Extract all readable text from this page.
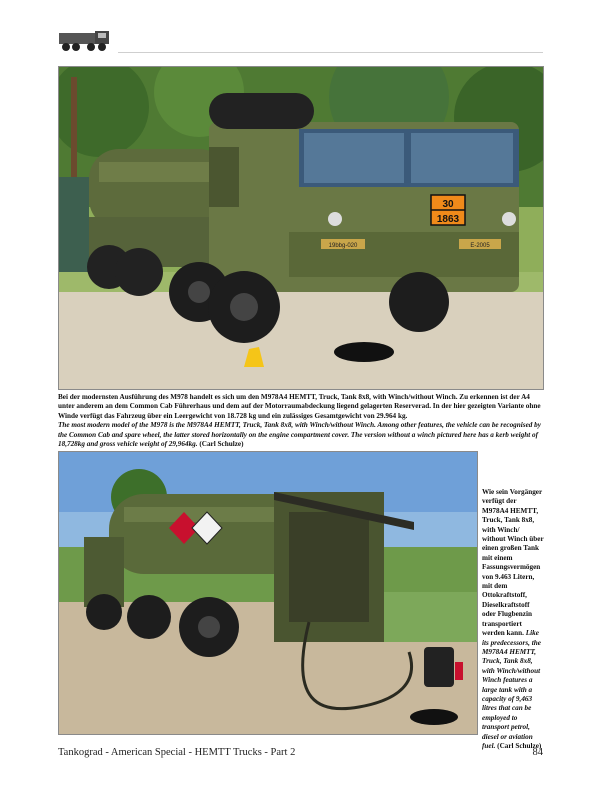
19bbg-020	E-2005
30
1863
Bei der modernsten Ausführung des M978 handelt es sich um den M978A4 HEMTT, Truck, Tank 8x8, with Winch/without Winch. Zu erkennen ist der A4 unter anderem an dem Common Cab Führerhaus und dem auf der Motorraumabdeckung liegend gelagerten Reserverad. In der hier gezeigten Variante ohne Winde verfügt das Fahrzeug über ein Leergewicht von 18.728 kg und ein zulässiges Gesamtgewicht von 29.964 kg.
The most modern model of the M978 is the M978A4 HEMTT, Truck, Tank 8x8, with Winch/without Winch. Among other features, the vehicle can be recognised by the Common Cab and spare wheel, the latter stored horizontally on the engine compartment cover. The version without a winch pictured here has a kerb weight of 18,728kg and gross vehicle weight of 29,964kg. (Carl Schulze)
Wie sein Vorgänger verfügt der M978A4 HEMTT, Truck, Tank 8x8, with Winch/ without Winch über einen großen Tank mit einem Fassungsvermögen von 9.463 Litern, mit dem Ottokraftstoff, Dieselkraftstoff oder Flugbenzin transportiert werden kann. Like its predecessors, the M978A4 HEMTT, Truck, Tank 8x8, with Winch/without Winch features a large tank with a capacity of 9,463 litres that can be employed to transport petrol, diesel or aviation fuel. (Carl Schulze)
Tankograd - American Special - HEMTT Trucks - Part 2	84
